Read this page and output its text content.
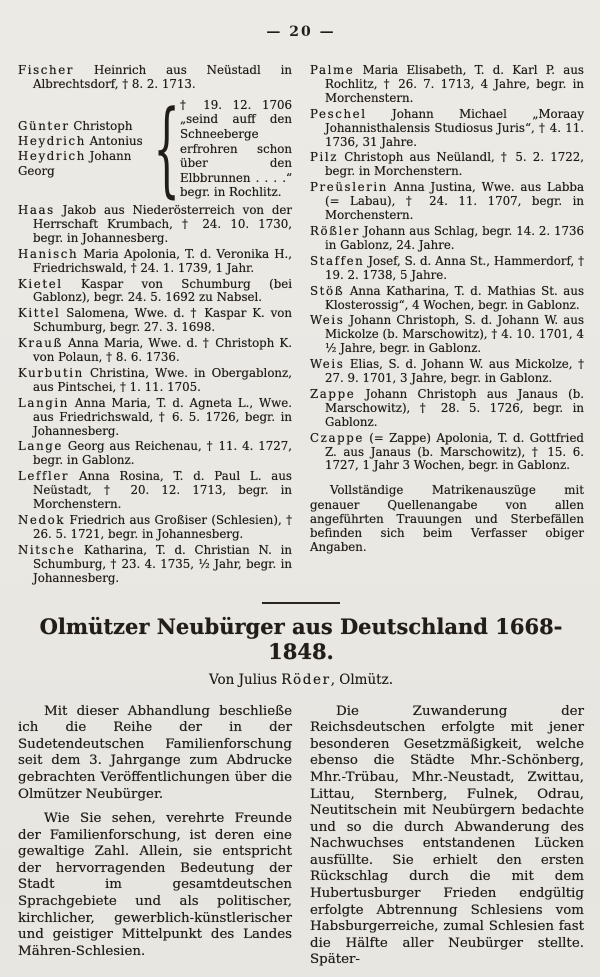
— 20 —

Fischer Heinrich aus Neüstadl in Albrechtsdorf, † 8. 2. 1713.

Günter Christoph
Heydrich Antonius
Heydrich Johann Georg	{ † 19. 12. 1706 „seind auff den Schneeberge erfrohren schon über den Elbbrunnen . . . .“ begr. in Rochlitz.

Haas Jakob aus Niederösterreich von der Herrschaft Krumbach, † 24. 10. 1730, begr. in Johannesberg.

Hanisch Maria Apolonia, T. d. Veronika H., Friedrichswald, † 24. 1. 1739, 1 Jahr.

Kietel Kaspar von Schumburg (bei Gablonz), begr. 24. 5. 1692 zu Nabsel.

Kittel Salomena, Wwe. d. † Kaspar K. von Schumburg, begr. 27. 3. 1698.

Krauß Anna Maria, Wwe. d. † Christoph K. von Polaun, † 8. 6. 1736.

Kurbutin Christina, Wwe. in Obergablonz, aus Pintschei, † 1. 11. 1705.

Langin Anna Maria, T. d. Agneta L., Wwe. aus Friedrichswald, † 6. 5. 1726, begr. in Johannesberg.

Lange Georg aus Reichenau, † 11. 4. 1727, begr. in Gablonz.

Leffler Anna Rosina, T. d. Paul L. aus Neüstadt, † 20. 12. 1713, begr. in Morchenstern.

Nedok Friedrich aus Großiser (Schlesien), † 26. 5. 1721, begr. in Johannesberg.

Nitsche Katharina, T. d. Christian N. in Schumburg, † 23. 4. 1735, ½ Jahr, begr. in Johannesberg.

Palme Maria Elisabeth, T. d. Karl P. aus Rochlitz, † 26. 7. 1713, 4 Jahre, begr. in Morchenstern.

Peschel Johann Michael „Moraay Johannisthalensis Studiosus Juris“, † 4. 11. 1736, 31 Jahre.

Pilz Christoph aus Neülandl, † 5. 2. 1722, begr. in Morchenstern.

Preüslerin Anna Justina, Wwe. aus Labba (= Labau), † 24. 11. 1707, begr. in Morchenstern.

Rößler Johann aus Schlag, begr. 14. 2. 1736 in Gablonz, 24. Jahre.

Staffen Josef, S. d. Anna St., Hammerdorf, † 19. 2. 1738, 5 Jahre.

Stöß Anna Katharina, T. d. Mathias St. aus Klosterossig“, 4 Wochen, begr. in Gablonz.

Weis Johann Christoph, S. d. Johann W. aus Mickolze (b. Marschowitz), † 4. 10. 1701, 4 ½ Jahre, begr. in Gablonz.

Weis Elias, S. d. Johann W. aus Mickolze, † 27. 9. 1701, 3 Jahre, begr. in Gablonz.

Zappe Johann Christoph aus Janaus (b. Marschowitz), † 28. 5. 1726, begr. in Gablonz.

Czappe (= Zappe) Apolonia, T. d. Gottfried Z. aus Janaus (b. Marschowitz), † 15. 6. 1727, 1 Jahr 3 Wochen, begr. in Gablonz.

Vollständige Matrikenauszüge mit genauer Quellenangabe von allen angeführten Trauungen und Sterbefällen befinden sich beim Verfasser obiger Angaben.

Olmützer Neubürger aus Deutschland 1668-1848.
Von Julius Röder, Olmütz.

Mit dieser Abhandlung beschließe ich die Reihe der in der Sudetendeutschen Familienforschung seit dem 3. Jahrgange zum Abdrucke gebrachten Veröffentlichungen über die Olmützer Neubürger.

Wie Sie sehen, verehrte Freunde der Familienforschung, ist deren eine gewaltige Zahl. Allein, sie entspricht der hervorragenden Bedeutung der Stadt im gesamtdeutschen Sprachgebiete und als politischer, kirchlicher, gewerblich-künstlerischer und geistiger Mittelpunkt des Landes Mähren-Schlesien.

Die Zuwanderung der Reichsdeutschen erfolgte mit jener besonderen Gesetzmäßigkeit, welche ebenso die Städte Mhr.-Schönberg, Mhr.-Trübau, Mhr.-Neustadt, Zwittau, Littau, Sternberg, Fulnek, Odrau, Neutitschein mit Neubürgern bedachte und so die durch Abwanderung des Nachwuchses entstandenen Lücken ausfüllte. Sie erhielt den ersten Rückschlag durch die mit dem Hubertusburger Frieden endgültig erfolgte Abtrennung Schlesiens vom Habsburgerreiche, zumal Schlesien fast die Hälfte aller Neubürger stellte. Später-
